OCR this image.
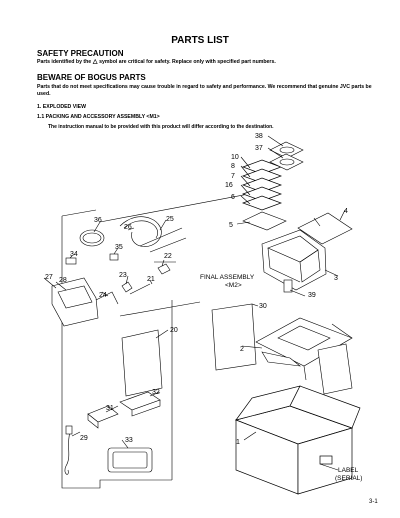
PARTS LIST
SAFETY PRECAUTION
Parts identified by the △ symbol are critical for safety. Replace only with specified part numbers.
BEWARE OF BOGUS PARTS
Parts that do not meet specifications may cause trouble in regard to safety and performance. We recommend that genuine JVC parts be used.
1. EXPLODED VIEW
1.1 PACKING AND ACCESSORY ASSEMBLY <M1>
The instruction manual to be provided with this product will differ according to the destination.
38
37
10
8
7
16
6
5
4
3
FINAL ASSEMBLY
<M2>
39
30
2
1
LABEL
(SERIAL)
36
26
25
35
34	22
27 28
23
21
24
20
32
31
29	33
3-1
